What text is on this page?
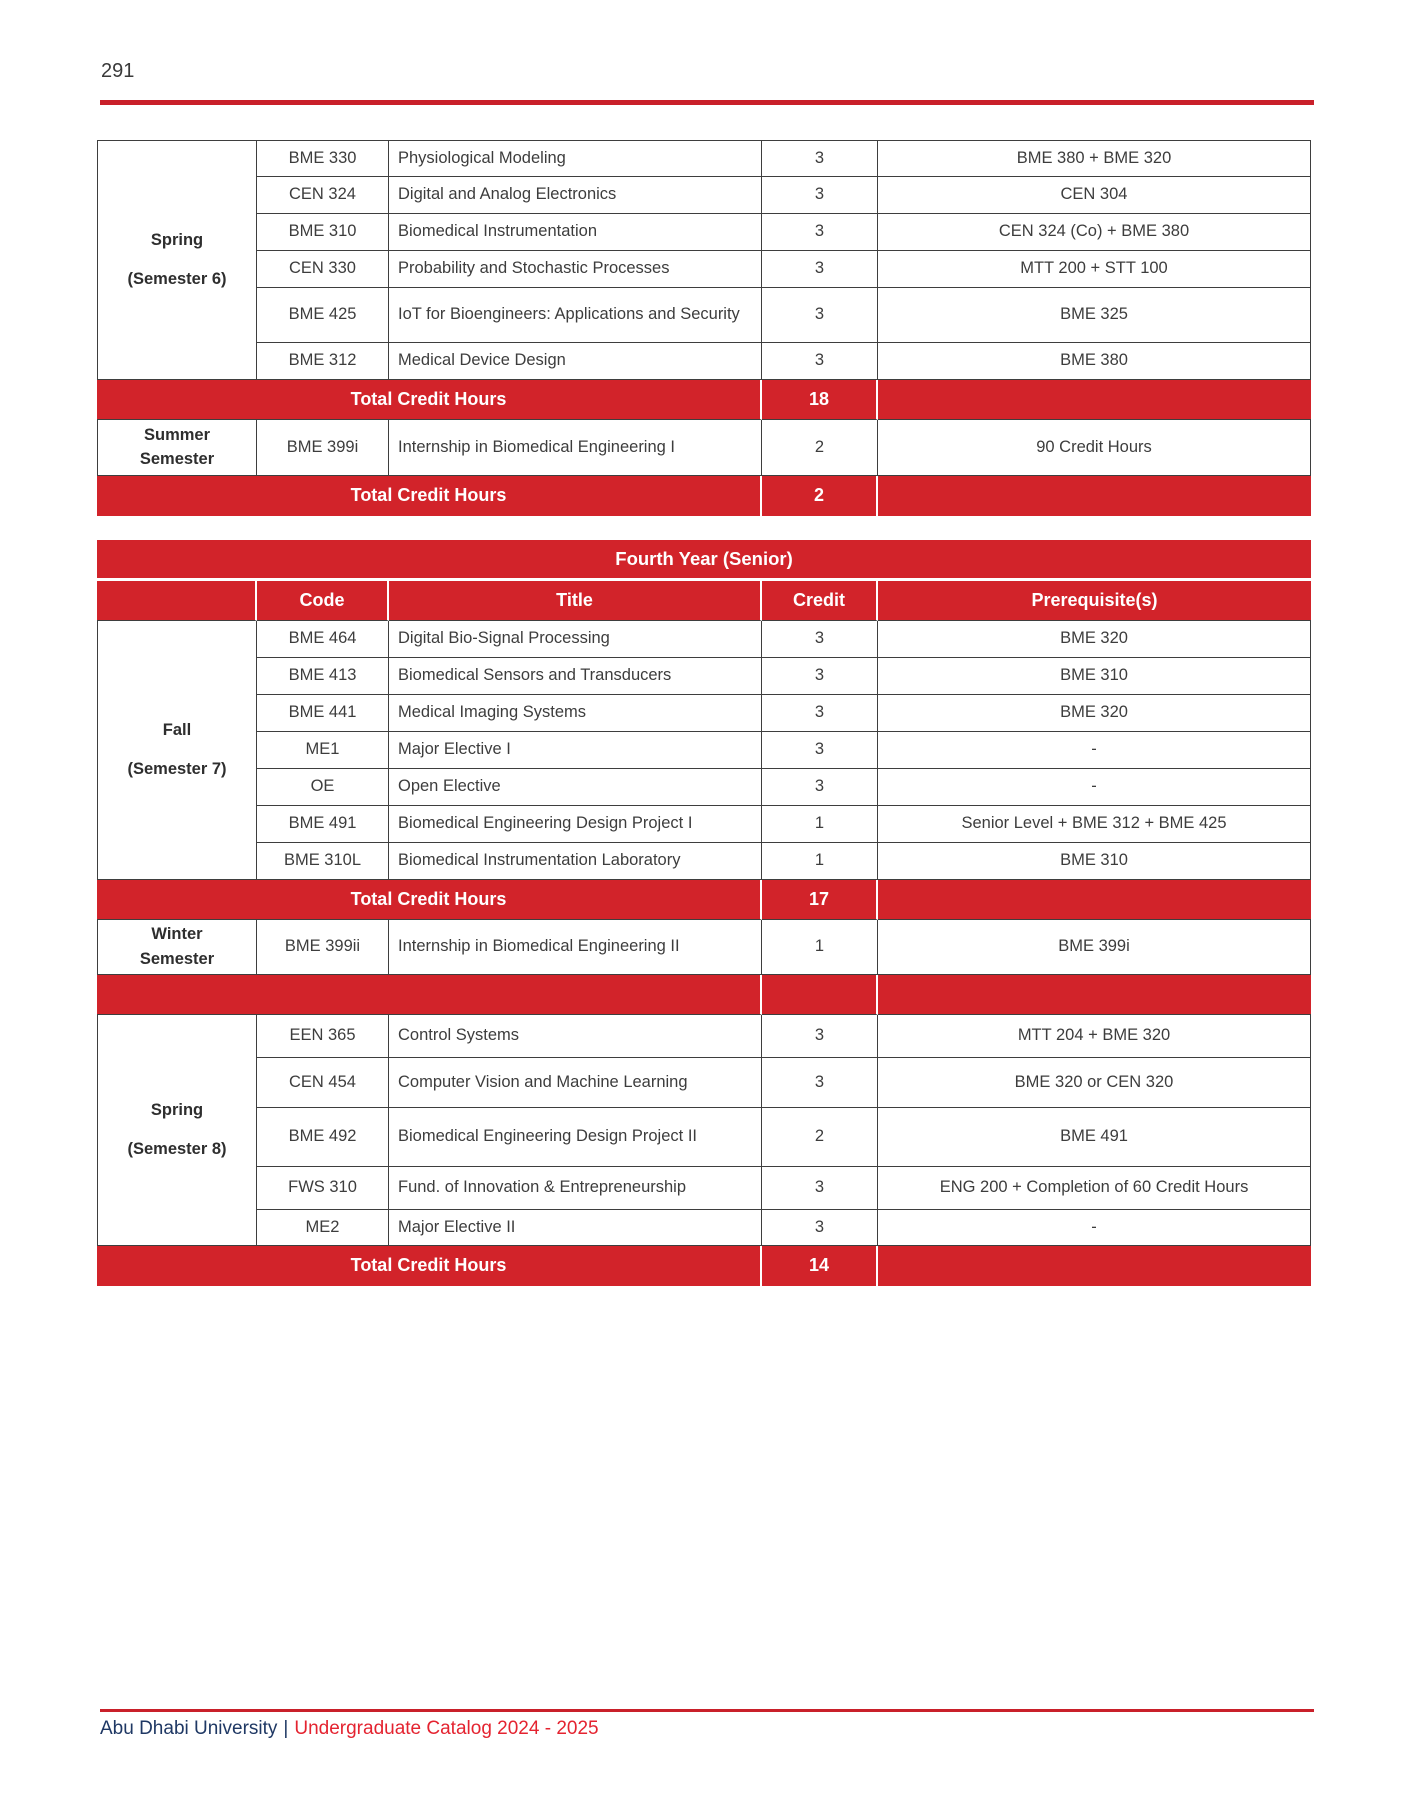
291
Spring
(Semester 6)	BME 330	Physiological Modeling	3	BME 380 + BME 320
	CEN 324	Digital and Analog Electronics	3	CEN 304
	BME 310	Biomedical Instrumentation	3	CEN 324 (Co) + BME 380
	CEN 330	Probability and Stochastic Processes	3	MTT 200 + STT 100
	BME 425	IoT for Bioengineers: Applications and Security	3	BME 325
	BME 312	Medical Device Design	3	BME 380
Total Credit Hours			18	

Summer
Semester	BME 399i	Internship in Biomedical Engineering I	2	90 Credit Hours
Total Credit Hours			2	
Fourth Year (Senior)				
	Code	Title	Credit	Prerequisite(s)

Fall
(Semester 7)	BME 464	Digital Bio-Signal Processing	3	BME 320
	BME 413	Biomedical Sensors and Transducers	3	BME 310
	BME 441	Medical Imaging Systems	3	BME 320
	ME1	Major Elective I	3	-
	OE	Open Elective	3	-
	BME 491	Biomedical Engineering Design Project I	1	Senior Level + BME 312 + BME 425
	BME 310L	Biomedical Instrumentation Laboratory	1	BME 310
Total Credit Hours			17	

Winter
Semester	BME 399ii	Internship in Biomedical Engineering II	1	BME 399i

Spring
(Semester 8)	EEN 365	Control Systems	3	MTT 204 + BME 320
	CEN 454	Computer Vision and Machine Learning	3	BME 320 or CEN 320
	BME 492	Biomedical Engineering Design Project II	2	BME 491
	FWS 310	Fund. of Innovation & Entrepreneurship	3	ENG 200 + Completion of 60 Credit Hours
	ME2	Major Elective II	3	-
Total Credit Hours			14	
Abu Dhabi University | Undergraduate Catalog 2024 - 2025
